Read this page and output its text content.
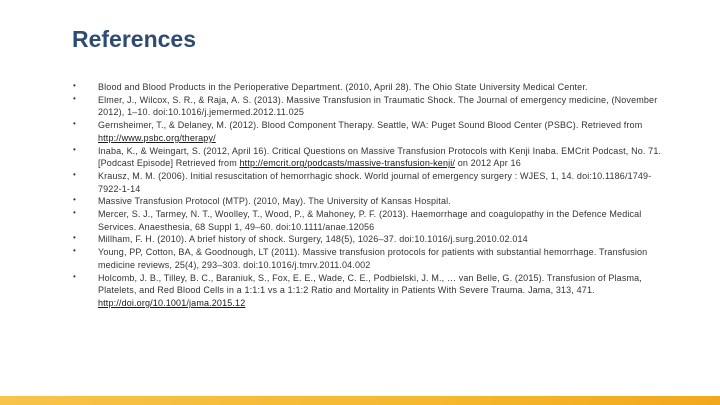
References
•
•
•
•
•
•
•
•
•
•

Blood and Blood Products in the Perioperative Department. (2010, April 28). The Ohio State University Medical Center.

Elmer, J., Wilcox, S. R., & Raja, A. S. (2013). Massive Transfusion in Traumatic Shock. The Journal of emergency medicine, (November 2012), 1–10. doi:10.1016/j.jemermed.2012.11.025

Gernsheimer, T., & Delaney, M. (2012). Blood Component Therapy. Seattle, WA: Puget Sound Blood Center (PSBC). Retrieved from http://www.psbc.org/therapy/

Inaba, K., & Weingart, S. (2012, April 16). Critical Questions on Massive Transfusion Protocols with Kenji Inaba. EMCrit Podcast, No. 71. [Podcast Episode] Retrieved from http://emcrit.org/podcasts/massive-transfusion-kenji/ on 2012 Apr 16

Krausz, M. M. (2006). Initial resuscitation of hemorrhagic shock. World journal of emergency surgery : WJES, 1, 14. doi:10.1186/1749-7922-1-14

Massive Transfusion Protocol (MTP). (2010, May). The University of Kansas Hospital.

Mercer, S. J., Tarmey, N. T., Woolley, T., Wood, P., & Mahoney, P. F. (2013). Haemorrhage and coagulopathy in the Defence Medical Services. Anaesthesia, 68 Suppl 1, 49–60. doi:10.1111/anae.12056

Millham, F. H. (2010). A brief history of shock. Surgery, 148(5), 1026–37. doi:10.1016/j.surg.2010.02.014

Young, PP, Cotton, BA, & Goodnough, LT (2011). Massive transfusion protocols for patients with substantial hemorrhage. Transfusion medicine reviews, 25(4), 293–303. doi:10.1016/j.tmrv.2011.04.002

Holcomb, J. B., Tilley, B. C., Baraniuk, S., Fox, E. E., Wade, C. E., Podbielski, J. M., … van Belle, G. (2015). Transfusion of Plasma, Platelets, and Red Blood Cells in a 1:1:1 vs a 1:1:2 Ratio and Mortality in Patients With Severe Trauma. Jama, 313, 471. http://doi.org/10.1001/jama.2015.12
